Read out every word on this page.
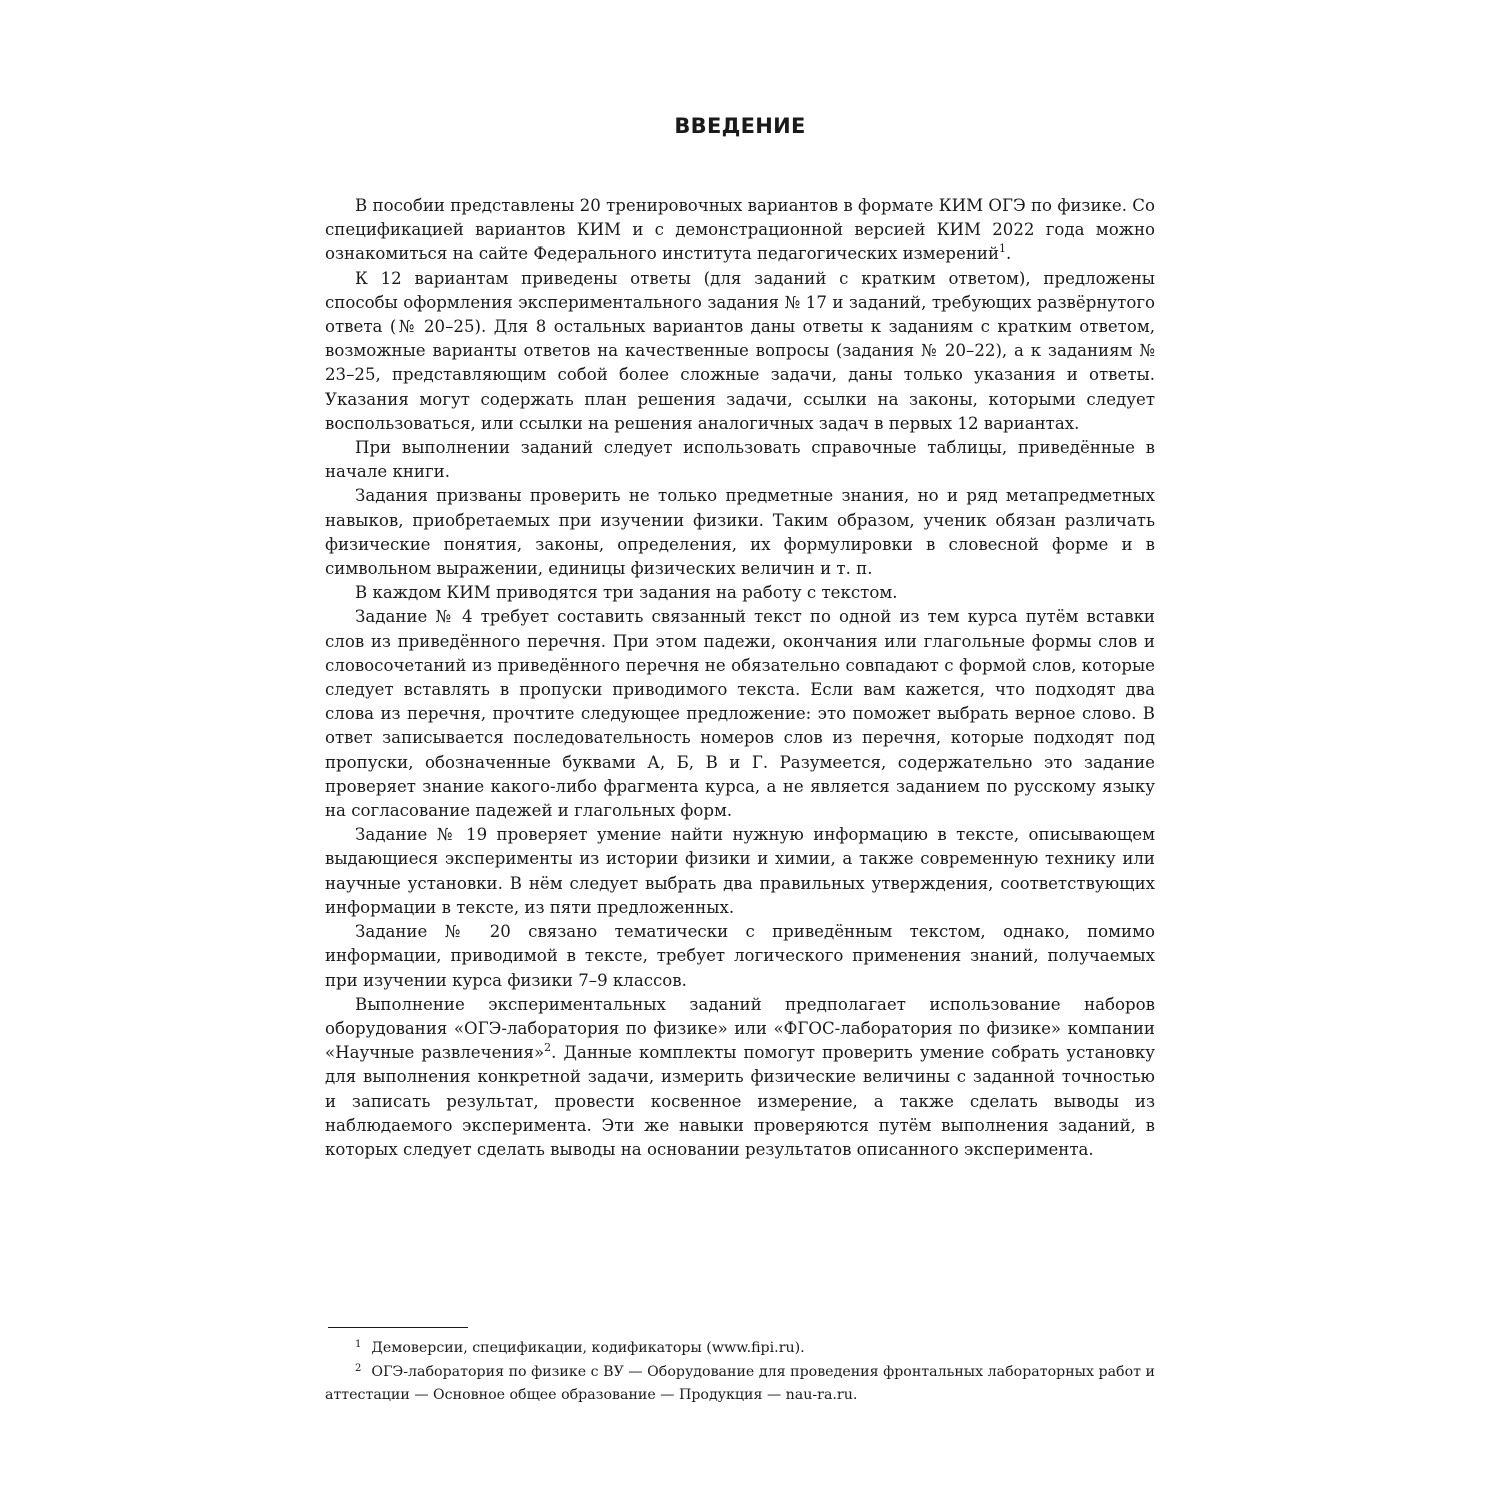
ВВЕДЕНИЕ

В пособии представлены 20 тренировочных вариантов в формате КИМ ОГЭ по физике. Со спецификацией вариантов КИМ и с демонстрационной версией КИМ 2022 года можно ознакомиться на сайте Федерального института педагогических измерений$^1$.

К 12 вариантам приведены ответы (для заданий с кратким ответом), предложены способы оформления экспериментального задания № 17 и заданий, требующих развёрнутого ответа (№ 20–25). Для 8 остальных вариантов даны ответы к заданиям с кратким ответом, возможные варианты ответов на качественные вопросы (задания № 20–22), а к заданиям № 23–25, представляющим собой более сложные задачи, даны только указания и ответы. Указания могут содержать план решения задачи, ссылки на законы, которыми следует воспользоваться, или ссылки на решения аналогичных задач в первых 12 вариантах.

При выполнении заданий следует использовать справочные таблицы, приведённые в начале книги.

Задания призваны проверить не только предметные знания, но и ряд метапредметных навыков, приобретаемых при изучении физики. Таким образом, ученик обязан различать физические понятия, законы, определения, их формулировки в словесной форме и в символьном выражении, единицы физических величин и т. п.

В каждом КИМ приводятся три задания на работу с текстом.

Задание № 4 требует составить связанный текст по одной из тем курса путём вставки слов из приведённого перечня. При этом падежи, окончания или глагольные формы слов и словосочетаний из приведённого перечня не обязательно совпадают с формой слов, которые следует вставлять в пропуски приводимого текста. Если вам кажется, что подходят два слова из перечня, прочтите следующее предложение: это поможет выбрать верное слово. В ответ записывается последовательность номеров слов из перечня, которые подходят под пропуски, обозначенные буквами А, Б, В и Г. Разумеется, содержательно это задание проверяет знание какого-либо фрагмента курса, а не является заданием по русскому языку на согласование падежей и глагольных форм.

Задание № 19 проверяет умение найти нужную информацию в тексте, описывающем выдающиеся эксперименты из истории физики и химии, а также современную технику или научные установки. В нём следует выбрать два правильных утверждения, соответствующих информации в тексте, из пяти предложенных.

Задание № 20 связано тематически с приведённым текстом, однако, помимо информации, приводимой в тексте, требует логического применения знаний, получаемых при изучении курса физики 7–9 классов.

Выполнение экспериментальных заданий предполагает использование наборов оборудования «ОГЭ-лаборатория по физике» или «ФГОС-лаборатория по физике» компании «Научные развлечения»$^2$. Данные комплекты помогут проверить умение собрать установку для выполнения конкретной задачи, измерить физические величины с заданной точностью и записать результат, провести косвенное измерение, а также сделать выводы из наблюдаемого эксперимента. Эти же навыки проверяются путём выполнения заданий, в которых следует сделать выводы на основании результатов описанного эксперимента.

$^1$ Демоверсии, спецификации, кодификаторы (www.fipi.ru).

$^2$ ОГЭ-лаборатория по физике с ВУ — Оборудование для проведения фронтальных лабораторных работ и аттестации — Основное общее образование — Продукция — nau-ra.ru.
